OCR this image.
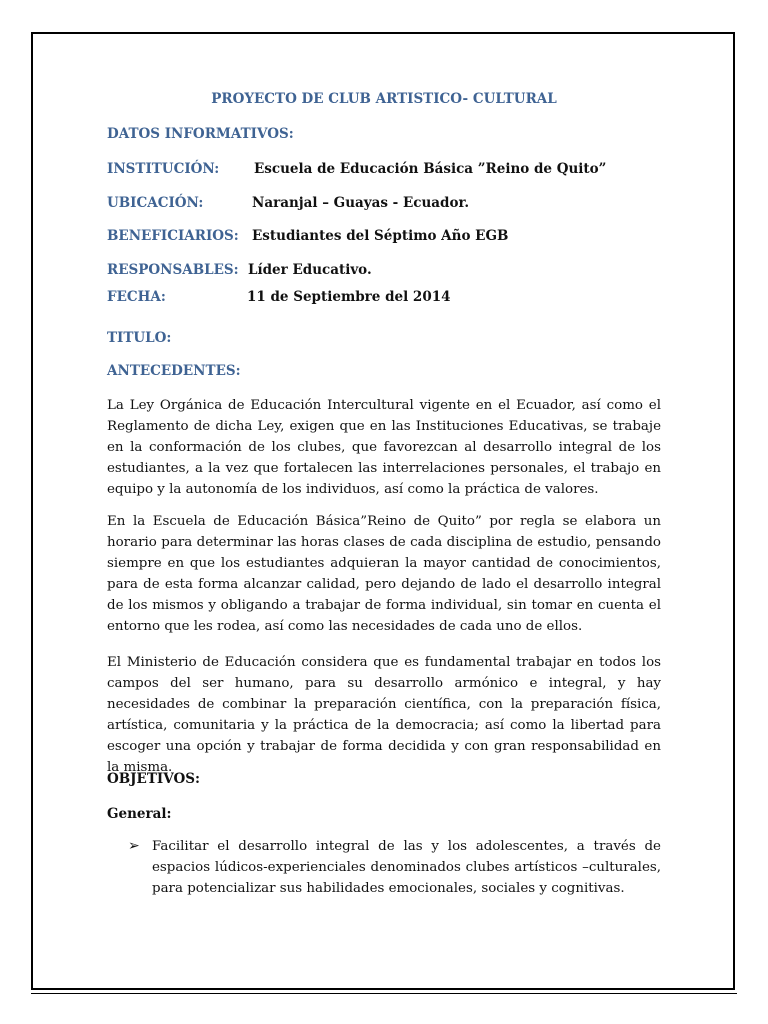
PROYECTO DE CLUB ARTISTICO- CULTURAL
DATOS INFORMATIVOS:
INSTITUCIÓN:	Escuela de Educación Básica ”Reino de Quito”
UBICACIÓN:	Naranjal – Guayas - Ecuador.
BENEFICIARIOS: Estudiantes del Séptimo Año EGB
RESPONSABLES: Líder Educativo.
FECHA:	11 de Septiembre del 2014
TITULO:
ANTECEDENTES:
La Ley Orgánica de Educación Intercultural vigente en el Ecuador, así como el Reglamento de dicha Ley, exigen que en las Instituciones Educativas, se trabaje en la conformación de los clubes, que favorezcan al desarrollo integral de los estudiantes, a la vez que fortalecen las interrelaciones personales, el trabajo en equipo y la autonomía de los individuos, así como la práctica de valores.
En la Escuela de Educación Básica”Reino de Quito” por regla se elabora un horario para determinar las horas clases de cada disciplina de estudio, pensando siempre en que los estudiantes adquieran la mayor cantidad de conocimientos, para de esta forma alcanzar calidad, pero dejando de lado el desarrollo integral de los mismos y obligando a trabajar de forma individual, sin tomar en cuenta el entorno que les rodea, así como las necesidades de cada uno de ellos.
El Ministerio de Educación considera que es fundamental trabajar en todos los campos del ser humano, para su desarrollo armónico e integral, y hay necesidades de combinar la preparación científica, con la preparación física, artística, comunitaria y la práctica de la democracia; así como la libertad para escoger una opción y trabajar de forma decidida y con gran responsabilidad en la misma.
OBJETIVOS:
General:
➢ Facilitar el desarrollo integral de las y los adolescentes, a través de espacios lúdicos-experienciales denominados clubes artísticos –culturales, para potencializar sus habilidades emocionales, sociales y cognitivas.
